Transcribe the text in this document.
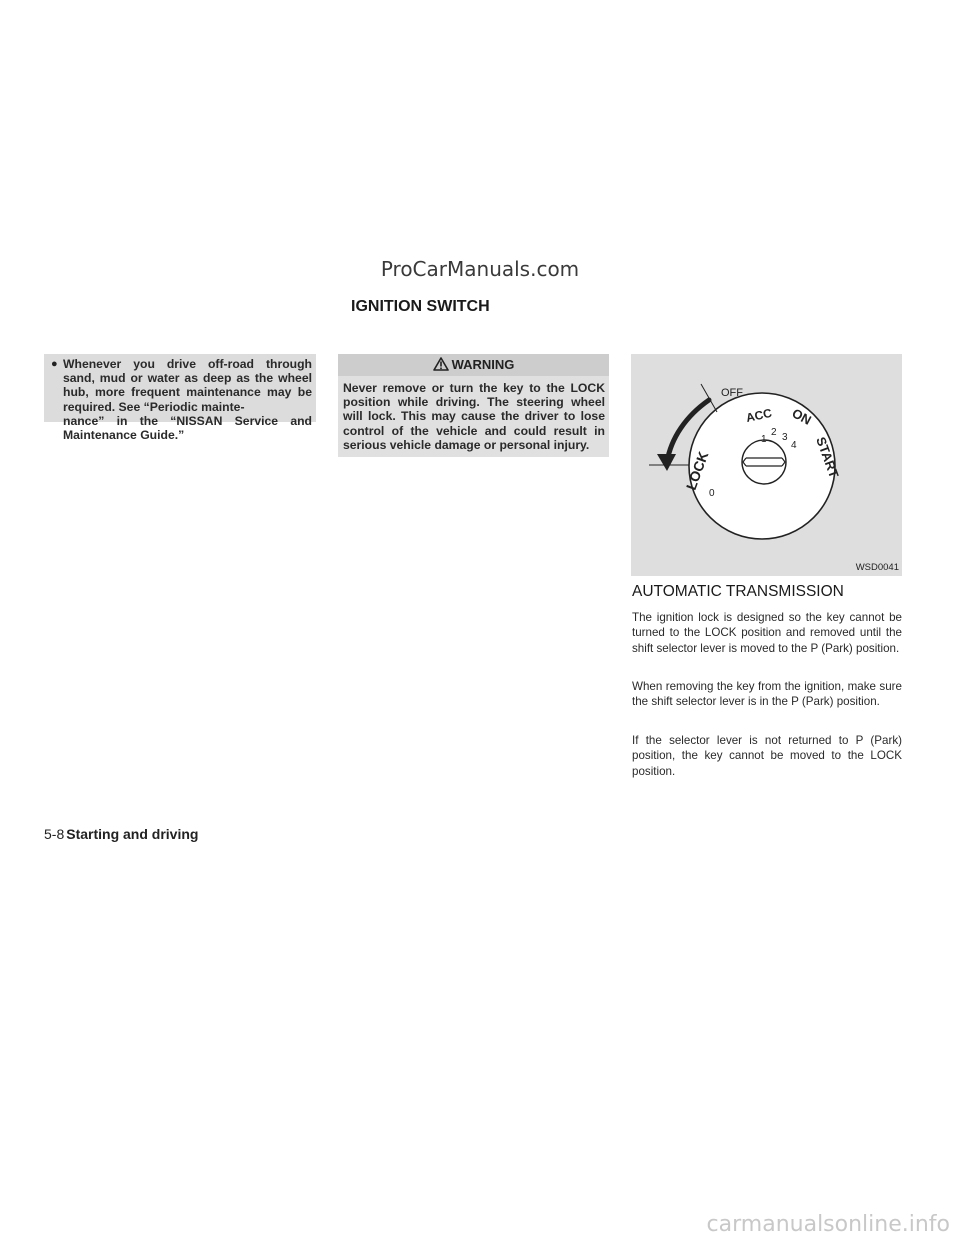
ProCarManuals.com
IGNITION SWITCH
● Whenever you drive off-road through sand, mud or water as deep as the wheel hub, more frequent maintenance may be required. See “Periodic mainte-
nance” in the “NISSAN Service and Maintenance Guide.”
WARNING
Never remove or turn the key to the LOCK position while driving. The steering wheel will lock. This may cause the driver to lose control of the vehicle and could result in serious vehicle damage or personal injury.
OFF
LOCK
ACC ON
START
0
1
2 3
4
WSD0041
AUTOMATIC TRANSMISSION
The ignition lock is designed so the key cannot be turned to the LOCK position and removed until the shift selector lever is moved to the P (Park) position.
When removing the key from the ignition, make sure the shift selector lever is in the P (Park) position.
If the selector lever is not returned to P (Park) position, the key cannot be moved to the LOCK position.
5-8 Starting and driving
carmanualsonline.info
